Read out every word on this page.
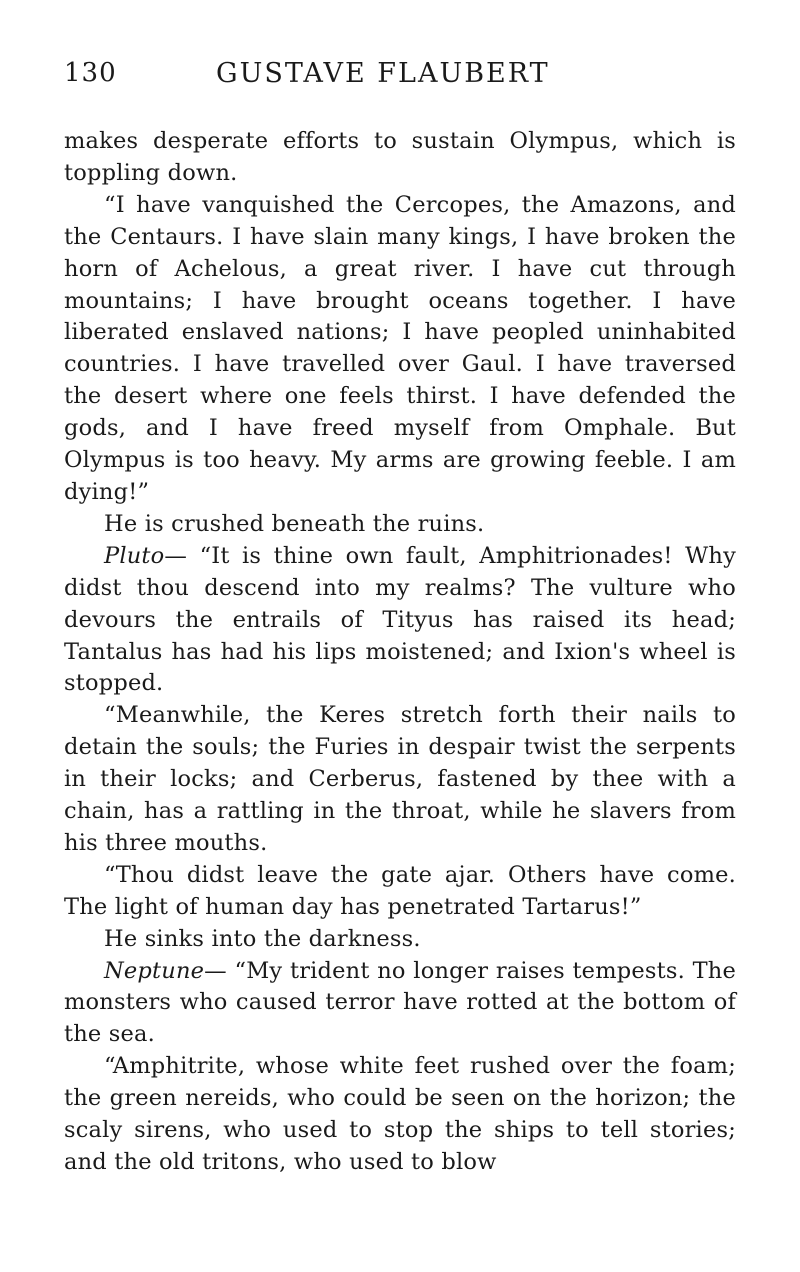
130	GUSTAVE FLAUBERT

makes desperate efforts to sustain Olympus, which is toppling down.

“I have vanquished the Cercopes, the Amazons, and the Centaurs. I have slain many kings, I have broken the horn of Achelous, a great river. I have cut through mountains; I have brought oceans together. I have liberated enslaved nations; I have peopled uninhabited countries. I have travelled over Gaul. I have traversed the desert where one feels thirst. I have defended the gods, and I have freed myself from Omphale. But Olympus is too heavy. My arms are growing feeble. I am dying!”

He is crushed beneath the ruins.

Pluto— “It is thine own fault, Amphitrionades! Why didst thou descend into my realms? The vulture who devours the entrails of Tityus has raised its head; Tantalus has had his lips moistened; and Ixion's wheel is stopped.

“Meanwhile, the Keres stretch forth their nails to detain the souls; the Furies in despair twist the serpents in their locks; and Cerberus, fastened by thee with a chain, has a rattling in the throat, while he slavers from his three mouths.

“Thou didst leave the gate ajar. Others have come. The light of human day has penetrated Tartarus!”

He sinks into the darkness.

Neptune— “My trident no longer raises tempests. The monsters who caused terror have rotted at the bottom of the sea.

“Amphitrite, whose white feet rushed over the foam; the green nereids, who could be seen on the horizon; the scaly sirens, who used to stop the ships to tell stories; and the old tritons, who used to blow
